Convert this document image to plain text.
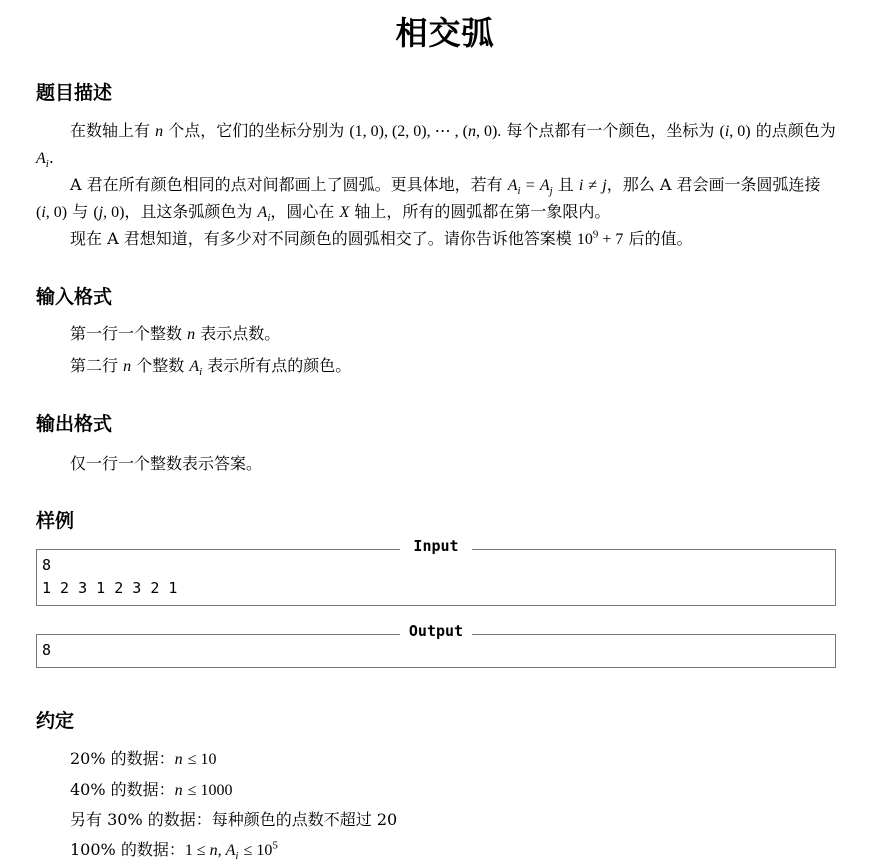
相交弧
题目描述
在数轴上有 n 个点，它们的坐标分别为 (1, 0), (2, 0), ⋯ , (n, 0). 每个点都有一个颜色，坐标为 (i, 0) 的点颜色为 $A_i$.
A 君在所有颜色相同的点对间都画上了圆弧。更具体地，若有 $A_i = A_j$ 且 i ≠ j，那么 A 君会画一条圆弧连接 (i, 0) 与 (j, 0)，且这条弧颜色为 $A_i$，圆心在 X 轴上，所有的圆弧都在第一象限内。
现在 A 君想知道，有多少对不同颜色的圆弧相交了。请你告诉他答案模 $10^9 + 7$ 后的值。
输入格式
第一行一个整数 n 表示点数。
第二行 n 个整数 $A_i$ 表示所有点的颜色。
输出格式
仅一行一个整数表示答案。
样例
Input
8
1 2 3 1 2 3 2 1
Output
8
约定
20% 的数据：n ≤ 10
40% 的数据：n ≤ 1000
另有 30% 的数据：每种颜色的点数不超过 20
100% 的数据：1 ≤ n, $A_i \le 10^5$
